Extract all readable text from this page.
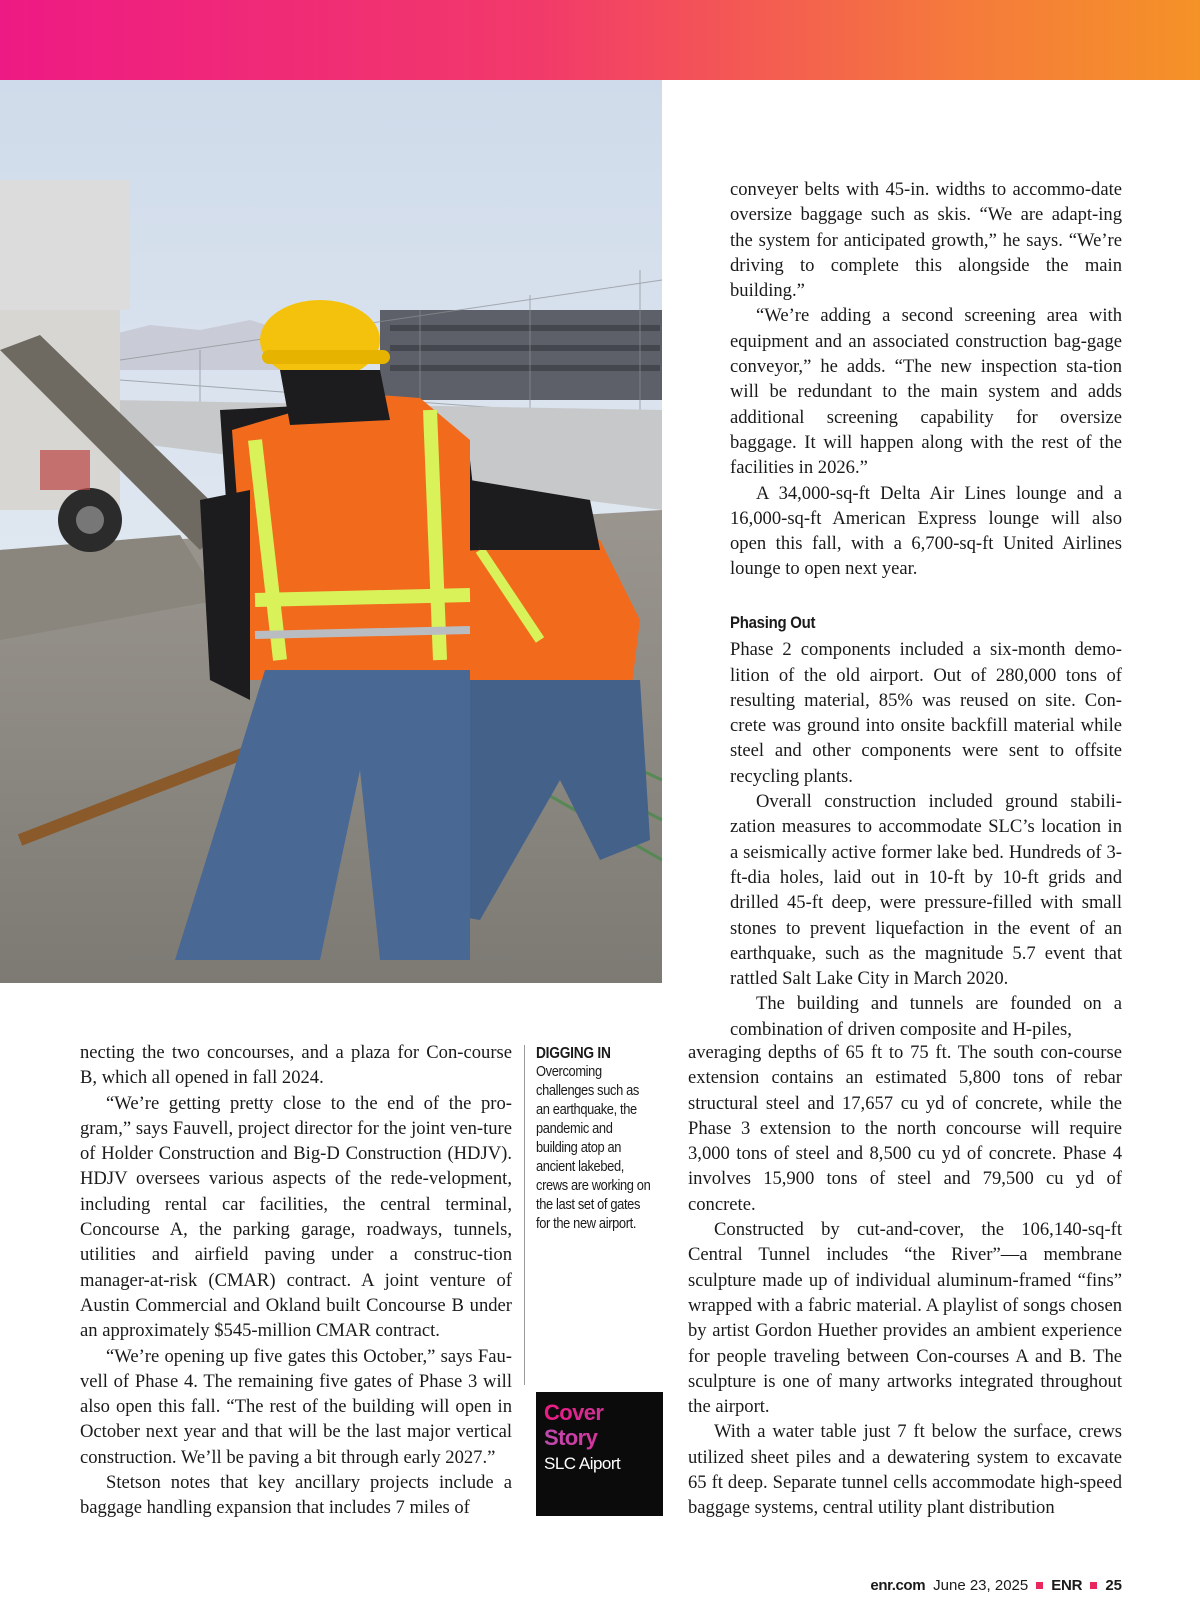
conveyer belts with 45-in. widths to accommo-date oversize baggage such as skis. “We are adapt-ing the system for anticipated growth,” he says. “We’re driving to complete this alongside the main building.”

“We’re adding a second screening area with equipment and an associated construction bag-gage conveyor,” he adds. “The new inspection sta-tion will be redundant to the main system and adds additional screening capability for oversize baggage. It will happen along with the rest of the facilities in 2026.”

A 34,000-sq-ft Delta Air Lines lounge and a 16,000-sq-ft American Express lounge will also open this fall, with a 6,700-sq-ft United Airlines lounge to open next year.

Phasing Out

Phase 2 components included a six-month demo-lition of the old airport. Out of 280,000 tons of resulting material, 85% was reused on site. Con-crete was ground into onsite backfill material while steel and other components were sent to offsite recycling plants.

Overall construction included ground stabili-zation measures to accommodate SLC’s location in a seismically active former lake bed. Hundreds of 3-ft-dia holes, laid out in 10-ft by 10-ft grids and drilled 45-ft deep, were pressure-filled with small stones to prevent liquefaction in the event of an earthquake, such as the magnitude 5.7 event that rattled Salt Lake City in March 2020.

The building and tunnels are founded on a combination of driven composite and H-piles,

necting the two concourses, and a plaza for Con-course B, which all opened in fall 2024.

“We’re getting pretty close to the end of the pro-gram,” says Fauvell, project director for the joint ven-ture of Holder Construction and Big-D Construction (HDJV). HDJV oversees various aspects of the rede-velopment, including rental car facilities, the central terminal, Concourse A, the parking garage, roadways, tunnels, utilities and airfield paving under a construc-tion manager-at-risk (CMAR) contract. A joint venture of Austin Commercial and Okland built Concourse B under an approximately $545-million CMAR contract.

“We’re opening up five gates this October,” says Fau-vell of Phase 4. The remaining five gates of Phase 3 will also open this fall. “The rest of the building will open in October next year and that will be the last major vertical construction. We’ll be paving a bit through early 2027.”

Stetson notes that key ancillary projects include a baggage handling expansion that includes 7 miles of

DIGGING IN
Overcoming challenges such as an earthquake, the pandemic and building atop an ancient lakebed, crews are working on the last set of gates for the new airport.
Cover
Story
SLC Aiport

averaging depths of 65 ft to 75 ft. The south con-course extension contains an estimated 5,800 tons of rebar structural steel and 17,657 cu yd of concrete, while the Phase 3 extension to the north concourse will require 3,000 tons of steel and 8,500 cu yd of concrete. Phase 4 involves 15,900 tons of steel and 79,500 cu yd of concrete.

Constructed by cut-and-cover, the 106,140-sq-ft Central Tunnel includes “the River”—a membrane sculpture made up of individual aluminum-framed “fins” wrapped with a fabric material. A playlist of songs chosen by artist Gordon Huether provides an ambient experience for people traveling between Con-courses A and B. The sculpture is one of many artworks integrated throughout the airport.

With a water table just 7 ft below the surface, crews utilized sheet piles and a dewatering system to excavate 65 ft deep. Separate tunnel cells accommodate high-speed baggage systems, central utility plant distribution

enr.com June 23, 2025 ENR 25
